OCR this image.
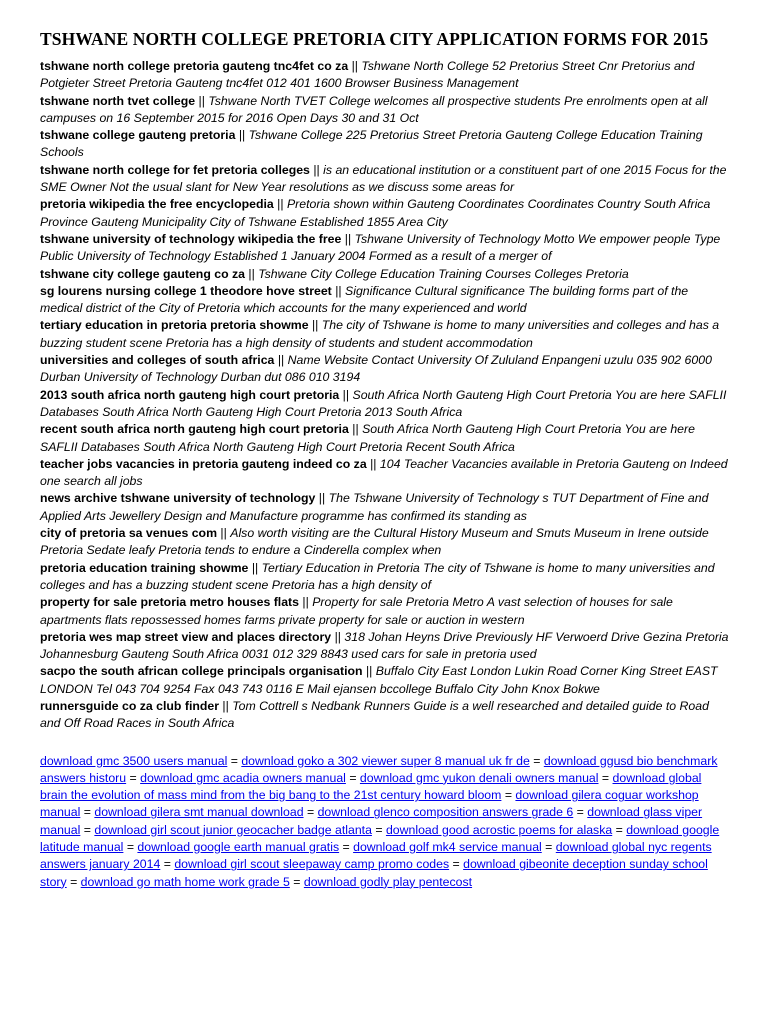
TSHWANE NORTH COLLEGE PRETORIA CITY APPLICATION FORMS FOR 2015

tshwane north college pretoria gauteng tnc4fet co za || Tshwane North College 52 Pretorius Street Cnr Pretorius and Potgieter Street Pretoria Gauteng tnc4fet 012 401 1600 Browser Business Management

tshwane north tvet college || Tshwane North TVET College welcomes all prospective students Pre enrolments open at all campuses on 16 September 2015 for 2016 Open Days 30 and 31 Oct

tshwane college gauteng pretoria || Tshwane College 225 Pretorius Street Pretoria Gauteng College Education Training Schools

tshwane north college for fet pretoria colleges || is an educational institution or a constituent part of one 2015 Focus for the SME Owner Not the usual slant for New Year resolutions as we discuss some areas for

pretoria wikipedia the free encyclopedia || Pretoria shown within Gauteng Coordinates Coordinates Country South Africa Province Gauteng Municipality City of Tshwane Established 1855 Area City

tshwane university of technology wikipedia the free || Tshwane University of Technology Motto We empower people Type Public University of Technology Established 1 January 2004 Formed as a result of a merger of

tshwane city college gauteng co za || Tshwane City College Education Training Courses Colleges Pretoria

sg lourens nursing college 1 theodore hove street || Significance Cultural significance The building forms part of the medical district of the City of Pretoria which accounts for the many experienced and world

tertiary education in pretoria pretoria showme || The city of Tshwane is home to many universities and colleges and has a buzzing student scene Pretoria has a high density of students and student accommodation

universities and colleges of south africa || Name Website Contact University Of Zululand Enpangeni uzulu 035 902 6000 Durban University of Technology Durban dut 086 010 3194

2013 south africa north gauteng high court pretoria || South Africa North Gauteng High Court Pretoria You are here SAFLII Databases South Africa North Gauteng High Court Pretoria 2013 South Africa

recent south africa north gauteng high court pretoria || South Africa North Gauteng High Court Pretoria You are here SAFLII Databases South Africa North Gauteng High Court Pretoria Recent South Africa

teacher jobs vacancies in pretoria gauteng indeed co za || 104 Teacher Vacancies available in Pretoria Gauteng on Indeed one search all jobs

news archive tshwane university of technology || The Tshwane University of Technology s TUT Department of Fine and Applied Arts Jewellery Design and Manufacture programme has confirmed its standing as

city of pretoria sa venues com || Also worth visiting are the Cultural History Museum and Smuts Museum in Irene outside Pretoria Sedate leafy Pretoria tends to endure a Cinderella complex when

pretoria education training showme || Tertiary Education in Pretoria The city of Tshwane is home to many universities and colleges and has a buzzing student scene Pretoria has a high density of

property for sale pretoria metro houses flats || Property for sale Pretoria Metro A vast selection of houses for sale apartments flats repossessed homes farms private property for sale or auction in western

pretoria wes map street view and places directory || 318 Johan Heyns Drive Previously HF Verwoerd Drive Gezina Pretoria Johannesburg Gauteng South Africa 0031 012 329 8843 used cars for sale in pretoria used

sacpo the south african college principals organisation || Buffalo City East London Lukin Road Corner King Street EAST LONDON Tel 043 704 9254 Fax 043 743 0116 E Mail ejansen bccollege Buffalo City John Knox Bokwe

runnersguide co za club finder || Tom Cottrell s Nedbank Runners Guide is a well researched and detailed guide to Road and Off Road Races in South Africa

download gmc 3500 users manual = download goko a 302 viewer super 8 manual uk fr de = download ggusd bio benchmark answers historu = download gmc acadia owners manual = download gmc yukon denali owners manual = download global brain the evolution of mass mind from the big bang to the 21st century howard bloom = download gilera coguar workshop manual = download gilera smt manual download = download glenco composition answers grade 6 = download glass viper manual = download girl scout junior geocacher badge atlanta = download good acrostic poems for alaska = download google latitude manual = download google earth manual gratis = download golf mk4 service manual = download global nyc regents answers january 2014 = download girl scout sleepaway camp promo codes = download gibeonite deception sunday school story = download go math home work grade 5 = download godly play pentecost
